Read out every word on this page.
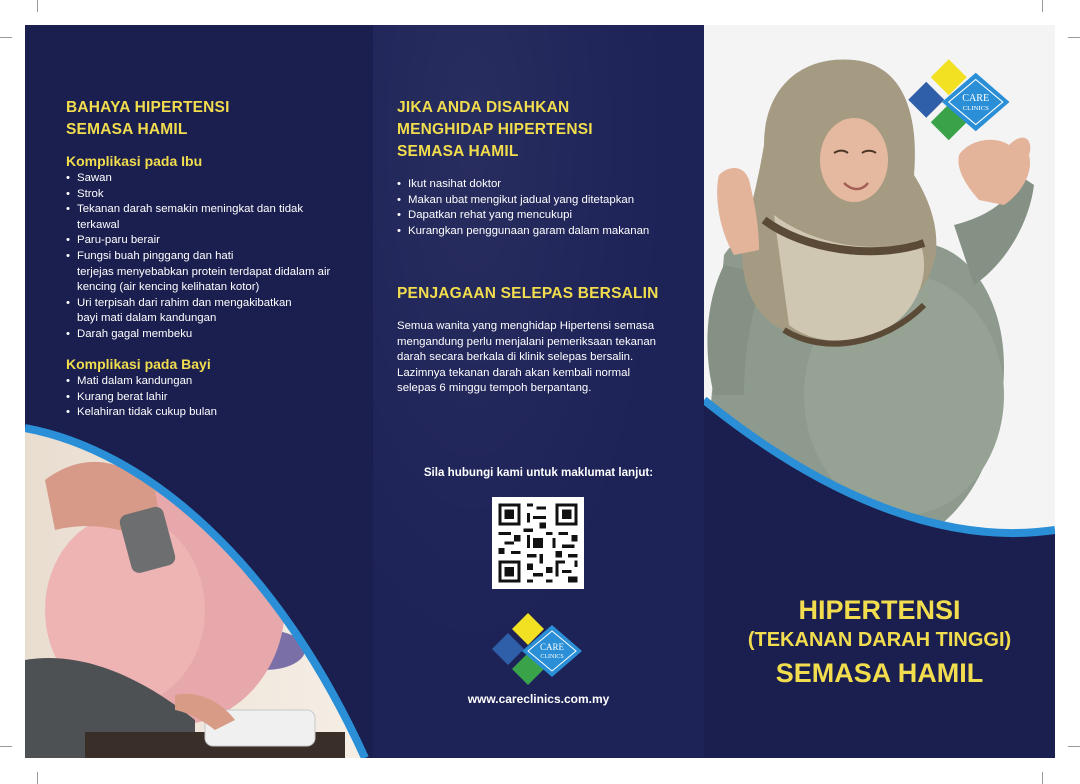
BAHAYA HIPERTENSI
SEMASA HAMIL
Komplikasi pada Ibu
• Sawan
• Strok
• Tekanan darah semakin meningkat dan tidak
terkawal
• Paru-paru berair
• Fungsi buah pinggang dan hati
terjejas menyebabkan protein terdapat didalam air
kencing (air kencing kelihatan kotor)
• Uri terpisah dari rahim dan mengakibatkan
bayi mati dalam kandungan
• Darah gagal membeku
Komplikasi pada Bayi
• Mati dalam kandungan
• Kurang berat lahir
• Kelahiran tidak cukup bulan
JIKA ANDA DISAHKAN
MENGHIDAP HIPERTENSI
SEMASA HAMIL
• Ikut nasihat doktor
• Makan ubat mengikut jadual yang ditetapkan
• Dapatkan rehat yang mencukupi
• Kurangkan penggunaan garam dalam makanan
PENJAGAAN SELEPAS BERSALIN

Semua wanita yang menghidap Hipertensi semasa
mengandung perlu menjalani pemeriksaan tekanan
darah secara berkala di klinik selepas bersalin.
Lazimnya tekanan darah akan kembali normal
selepas 6 minggu tempoh berpantang.

Sila hubungi kami untuk maklumat lanjut:
CARE
CLINICS
www.careclinics.com.my
CARE
CLINICS
HIPERTENSI
(TEKANAN DARAH TINGGI)
SEMASA HAMIL
